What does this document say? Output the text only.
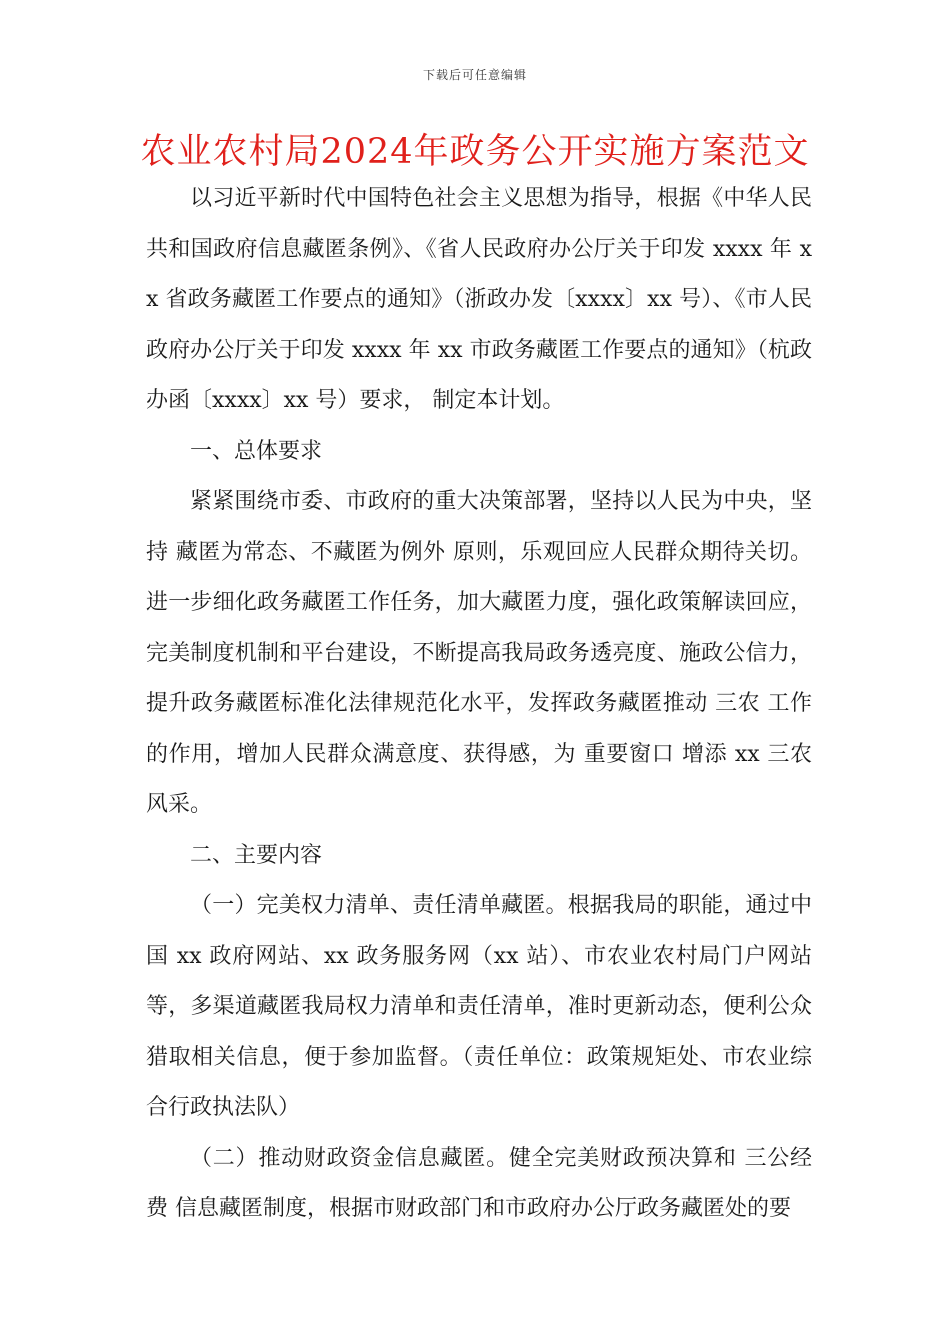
下载后可任意编辑
农业农村局2024年政务公开实施方案范文

以习近平新时代中国特色社会主义思想为指导，根据《中华人民共和国政府信息藏匿条例》、《省人民政府办公厅关于印发 xxxx 年 xx 省政务藏匿工作要点的通知》（浙政办发〔xxxx〕xx 号）、《市人民政府办公厅关于印发 xxxx 年 xx 市政务藏匿工作要点的通知》（杭政办函〔xxxx〕xx 号）要求， 制定本计划。

一、总体要求

紧紧围绕市委、市政府的重大决策部署，坚持以人民为中央，坚持 藏匿为常态、不藏匿为例外 原则，乐观回应人民群众期待关切。进一步细化政务藏匿工作任务，加大藏匿力度，强化政策解读回应，完美制度机制和平台建设，不断提高我局政务透亮度、施政公信力，提升政务藏匿标准化法律规范化水平，发挥政务藏匿推动 三农 工作的作用，增加人民群众满意度、获得感，为 重要窗口 增添 xx 三农 风采。

二、主要内容

（一）完美权力清单、责任清单藏匿。根据我局的职能，通过中国 xx 政府网站、xx 政务服务网（xx 站）、市农业农村局门户网站等，多渠道藏匿我局权力清单和责任清单，准时更新动态，便利公众猎取相关信息，便于参加监督。（责任单位：政策规矩处、市农业综合行政执法队）

（二）推动财政资金信息藏匿。健全完美财政预决算和 三公经费 信息藏匿制度，根据市财政部门和市政府办公厅政务藏匿处的要
